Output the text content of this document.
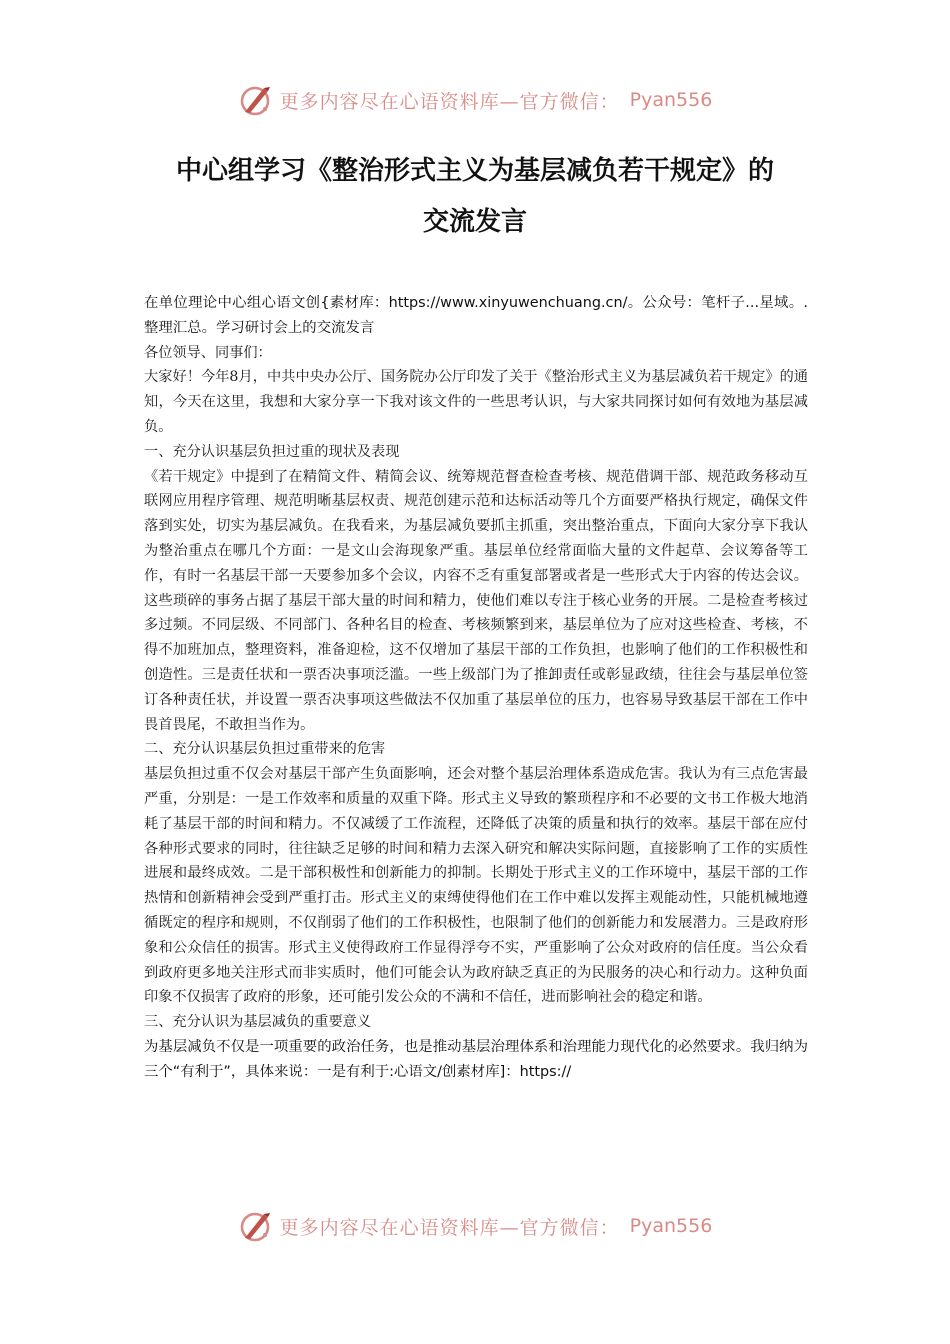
更多内容尽在心语资料库—官方微信： Pyan556
中心组学习《整治形式主义为基层减负若干规定》的
交流发言

在单位理论中心组心语文创{素材库：https://www.xinyuwenchuang.cn/。公众号：笔杆子...星域。.整理汇总。学习研讨会上的交流发言

各位领导、同事们：

大家好！今年8月，中共中央办公厅、国务院办公厅印发了关于《整治形式主义为基层减负若干规定》的通知，今天在这里，我想和大家分享一下我对该文件的一些思考认识，与大家共同探讨如何有效地为基层减负。

一、充分认识基层负担过重的现状及表现

《若干规定》中提到了在精简文件、精简会议、统筹规范督查检查考核、规范借调干部、规范政务移动互联网应用程序管理、规范明晰基层权责、规范创建示范和达标活动等几个方面要严格执行规定，确保文件落到实处，切实为基层减负。在我看来，为基层减负要抓主抓重，突出整治重点，下面向大家分享下我认为整治重点在哪几个方面：一是文山会海现象严重。基层单位经常面临大量的文件起草、会议筹备等工作，有时一名基层干部一天要参加多个会议，内容不乏有重复部署或者是一些形式大于内容的传达会议。这些琐碎的事务占据了基层干部大量的时间和精力，使他们难以专注于核心业务的开展。二是检查考核过多过频。不同层级、不同部门、各种名目的检查、考核频繁到来，基层单位为了应对这些检查、考核，不得不加班加点，整理资料，准备迎检，这不仅增加了基层干部的工作负担，也影响了他们的工作积极性和创造性。三是责任状和一票否决事项泛滥。一些上级部门为了推卸责任或彰显政绩，往往会与基层单位签订各种责任状，并设置一票否决事项这些做法不仅加重了基层单位的压力，也容易导致基层干部在工作中畏首畏尾，不敢担当作为。

二、充分认识基层负担过重带来的危害

基层负担过重不仅会对基层干部产生负面影响，还会对整个基层治理体系造成危害。我认为有三点危害最严重，分别是：一是工作效率和质量的双重下降。形式主义导致的繁琐程序和不必要的文书工作极大地消耗了基层干部的时间和精力。不仅减缓了工作流程，还降低了决策的质量和执行的效率。基层干部在应付各种形式要求的同时，往往缺乏足够的时间和精力去深入研究和解决实际问题，直接影响了工作的实质性进展和最终成效。二是干部积极性和创新能力的抑制。长期处于形式主义的工作环境中，基层干部的工作热情和创新精神会受到严重打击。形式主义的束缚使得他们在工作中难以发挥主观能动性，只能机械地遵循既定的程序和规则，不仅削弱了他们的工作积极性，也限制了他们的创新能力和发展潜力。三是政府形象和公众信任的损害。形式主义使得政府工作显得浮夸不实，严重影响了公众对政府的信任度。当公众看到政府更多地关注形式而非实质时，他们可能会认为政府缺乏真正的为民服务的决心和行动力。这种负面印象不仅损害了政府的形象，还可能引发公众的不满和不信任，进而影响社会的稳定和谐。

三、充分认识为基层减负的重要意义

为基层减负不仅是一项重要的政治任务，也是推动基层治理体系和治理能力现代化的必然要求。我归纳为三个“有利于”，具体来说：一是有利于:心语文/创素材库]：https://

更多内容尽在心语资料库—官方微信： Pyan556
